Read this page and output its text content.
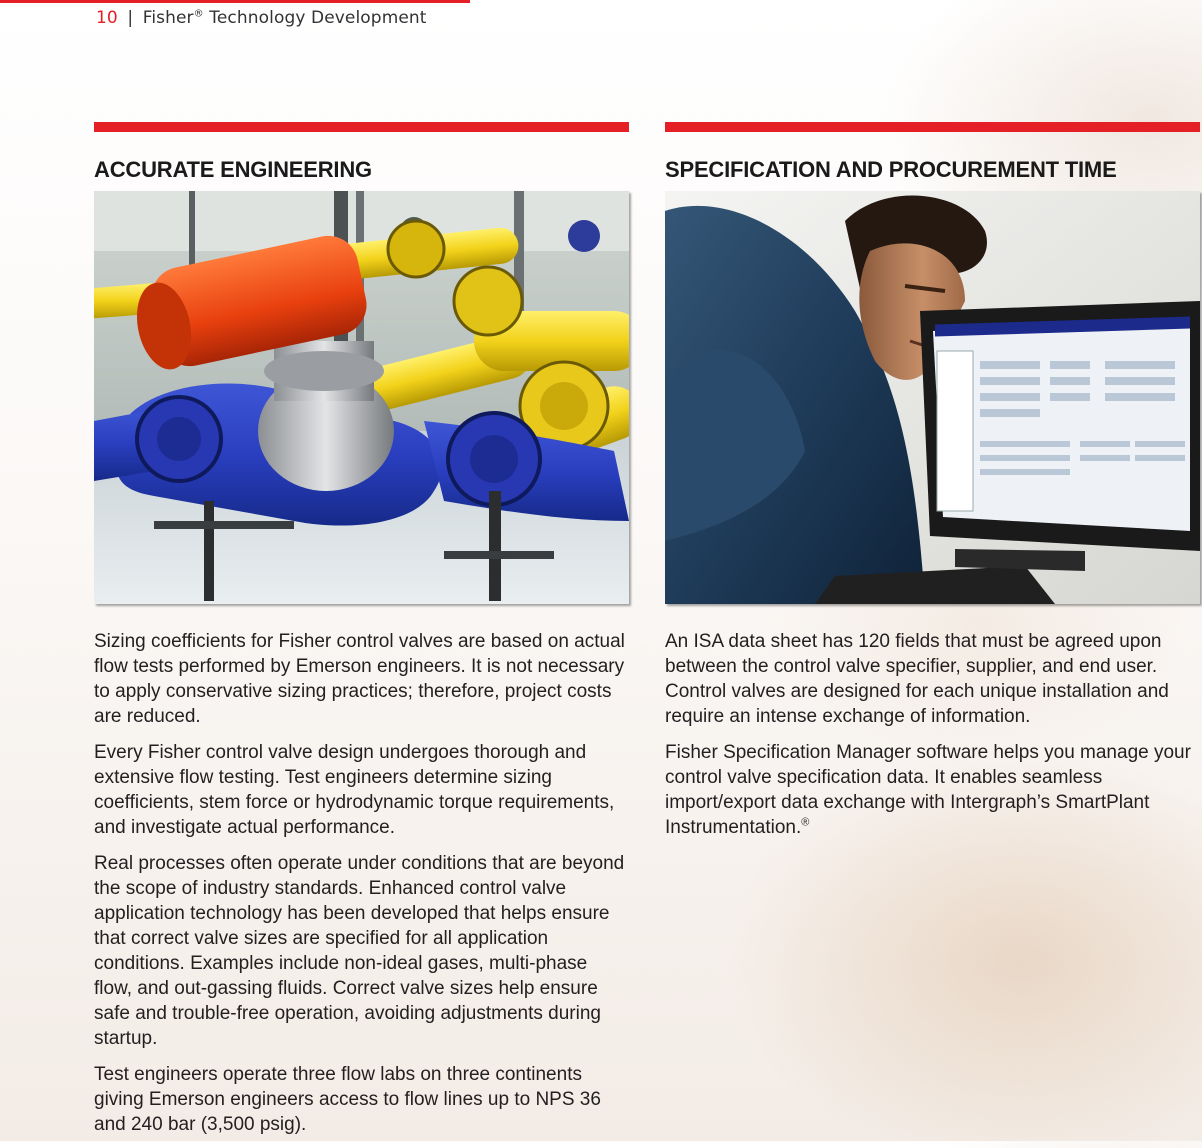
10 | Fisher® Technology Development
ACCURATE ENGINEERING

Sizing coefficients for Fisher control valves are based on actual flow tests performed by Emerson engineers. It is not necessary to apply conservative sizing practices; therefore, project costs are reduced.

Every Fisher control valve design undergoes thorough and extensive flow testing. Test engineers determine sizing coefficients, stem force or hydrodynamic torque requirements, and investigate actual performance.

Real processes often operate under conditions that are beyond the scope of industry standards. Enhanced control valve application technology has been developed that helps ensure that correct valve sizes are specified for all application conditions. Examples include non-ideal gases, multi-phase flow, and out-gassing fluids. Correct valve sizes help ensure safe and trouble-free operation, avoiding adjustments during startup.

Test engineers operate three flow labs on three continents giving Emerson engineers access to flow lines up to NPS 36 and 240 bar (3,500 psig).

SPECIFICATION AND PROCUREMENT TIME

An ISA data sheet has 120 fields that must be agreed upon between the control valve specifier, supplier, and end user. Control valves are designed for each unique installation and require an intense exchange of information.

Fisher Specification Manager software helps you manage your control valve specification data. It enables seamless import/export data exchange with Intergraph’s SmartPlant Instrumentation.®
